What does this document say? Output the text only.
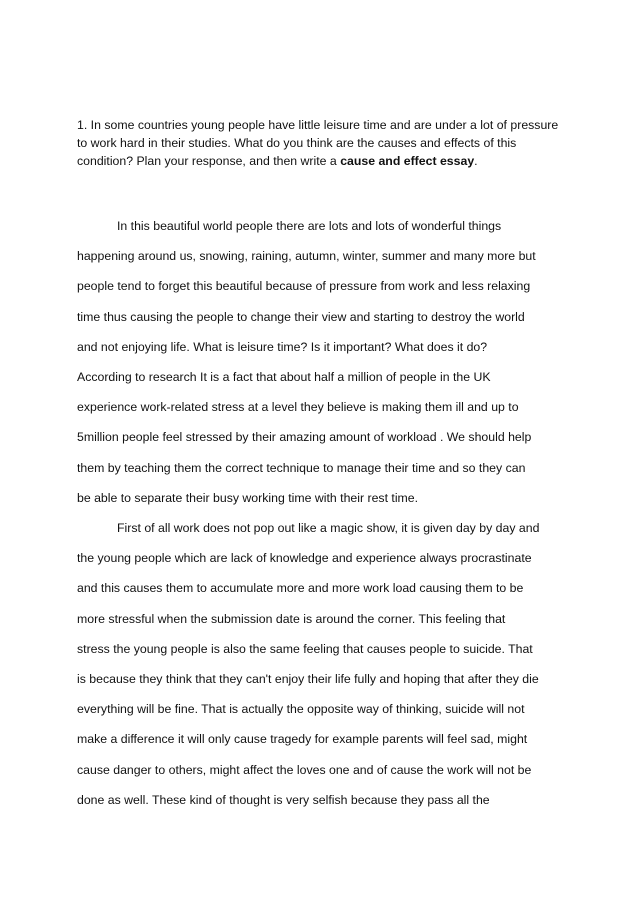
1. In some countries young people have little leisure time and are under a lot of pressure to work hard in their studies. What do you think are the causes and effects of this condition? Plan your response, and then write a cause and effect essay.

In this beautiful world people there are lots and lots of wonderful things
happening around us, snowing, raining, autumn, winter, summer and many more but
people tend to forget this beautiful because of pressure from work and less relaxing
time thus causing the people to change their view and starting to destroy the world
and not enjoying life. What is leisure time? Is it important? What does it do?
According to research It is a fact that about half a million of people in the UK
experience work-related stress at a level they believe is making them ill and up to
5million people feel stressed by their amazing amount of workload . We should help
them by teaching them the correct technique to manage their time and so they can
be able to separate their busy working time with their rest time.
First of all work does not pop out like a magic show, it is given day by day and
the young people which are lack of knowledge and experience always procrastinate
and this causes them to accumulate more and more work load causing them to be
more stressful when the submission date is around the corner. This feeling that
stress the young people is also the same feeling that causes people to suicide. That
is because they think that they can't enjoy their life fully and hoping that after they die
everything will be fine. That is actually the opposite way of thinking, suicide will not
make a difference it will only cause tragedy for example parents will feel sad, might
cause danger to others, might affect the loves one and of cause the work will not be
done as well. These kind of thought is very selfish because they pass all the
